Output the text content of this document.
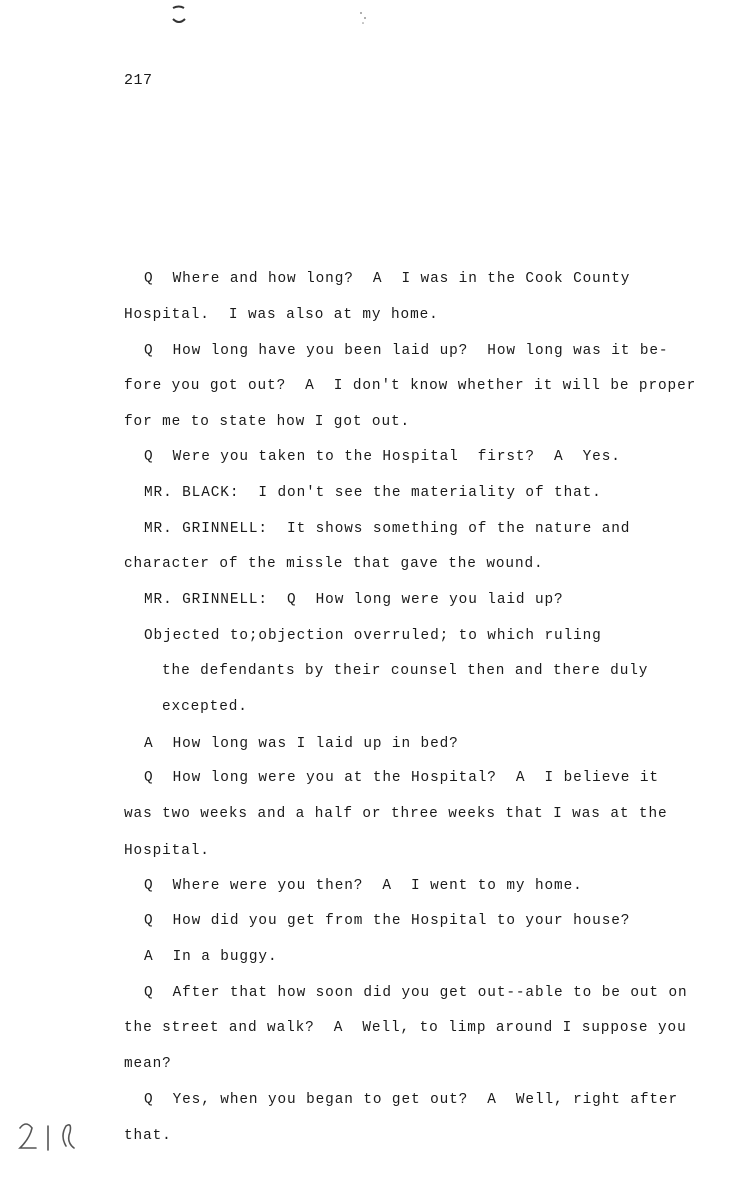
217
Q  Where and how long?  A  I was in the Cook County
Hospital.  I was also at my home.
Q  How long have you been laid up?  How long was it be-
fore you got out?  A  I don't know whether it will be proper
for me to state how I got out.
Q  Were you taken to the Hospital  first?  A  Yes.
MR. BLACK:  I don't see the materiality of that.
MR. GRINNELL:  It shows something of the nature and
character of the missle that gave the wound.
MR. GRINNELL:  Q  How long were you laid up?
Objected to;objection overruled; to which ruling
the defendants by their counsel then and there duly
excepted.
A  How long was I laid up in bed?
Q  How long were you at the Hospital?  A  I believe it
was two weeks and a half or three weeks that I was at the
Hospital.
Q  Where were you then?  A  I went to my home.
Q  How did you get from the Hospital to your house?
A  In a buggy.
Q  After that how soon did you get out--able to be out on
the street and walk?  A  Well, to limp around I suppose you
mean?
Q  Yes, when you began to get out?  A  Well, right after
that.
